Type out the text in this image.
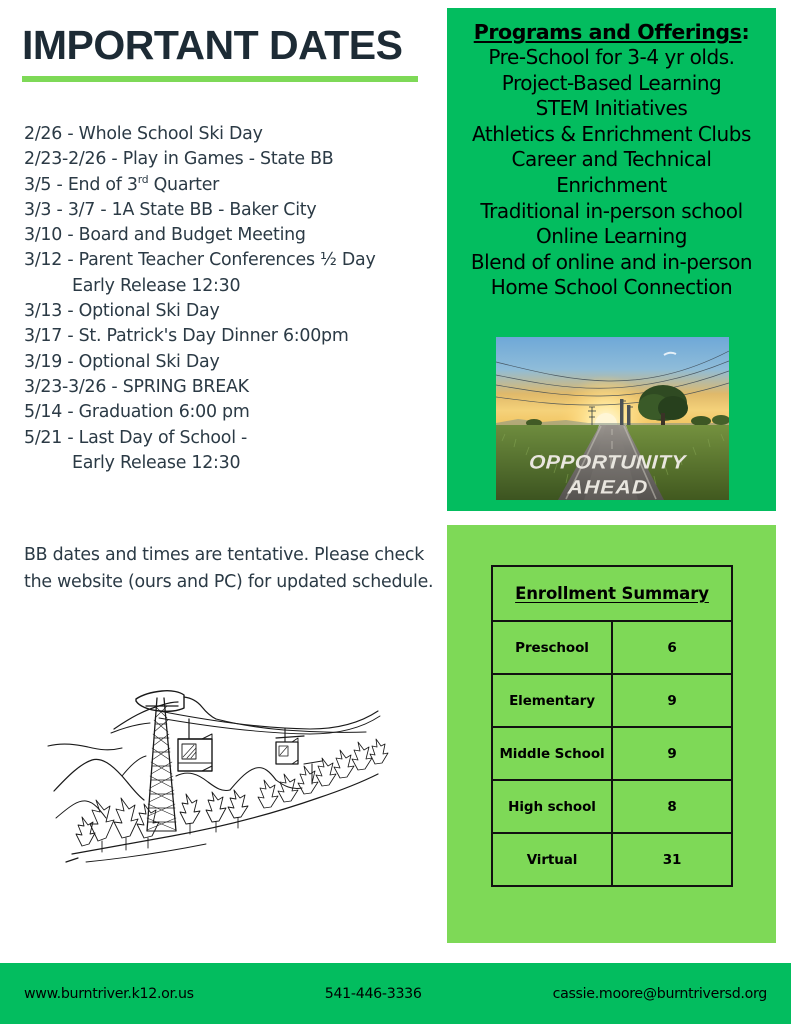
IMPORTANT DATES
2/26 - Whole School Ski Day
2/23-2/26 - Play in Games - State BB
3/5 - End of 3rd Quarter
3/3 - 3/7 - 1A State BB - Baker City
3/10 - Board and Budget Meeting
3/12 - Parent Teacher Conferences ½ Day
Early Release 12:30
3/13 - Optional Ski Day
3/17 - St. Patrick's Day Dinner 6:00pm
3/19 - Optional Ski Day
3/23-3/26 - SPRING BREAK
5/14 - Graduation 6:00 pm
5/21 - Last Day of School -
Early Release 12:30
BB dates and times are tentative. Please check the website (ours and PC) for updated schedule.
Programs and Offerings:
Pre-School for 3-4 yr olds.
Project-Based Learning
STEM Initiatives
Athletics & Enrichment Clubs
Career and Technical
Enrichment
Traditional in-person school
Online Learning
Blend of online and in-person
Home School Connection
OPPORTUNITY
AHEAD
Enrollment Summary	
Preschool	6
Elementary	9
Middle School	9
High school	8
Virtual	31
www.burntriver.k12.or.us	541-446-3336	cassie.moore@burntriversd.org
